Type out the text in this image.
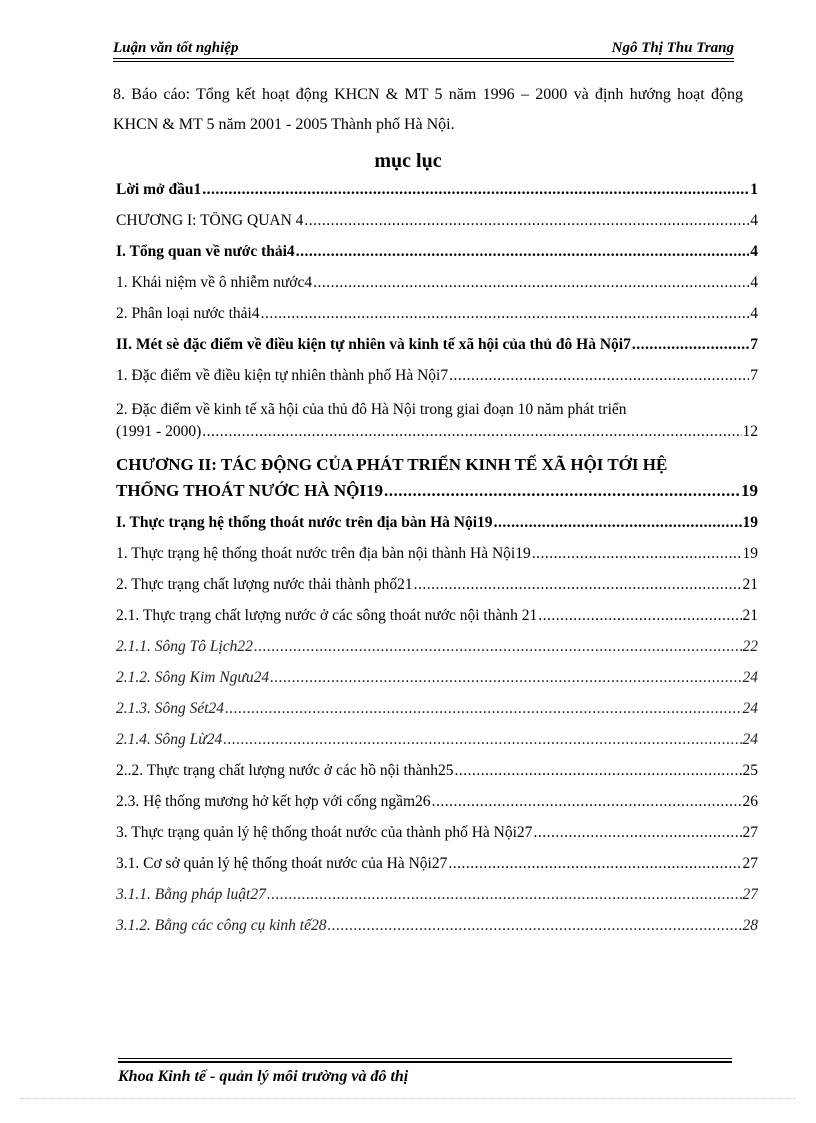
Luận văn tốt nghiệp	Ngô Thị Thu Trang
8. Báo cáo: Tổng kết hoạt động KHCN & MT 5 năm 1996 – 2000 và định hướng hoạt động KHCN & MT 5 năm 2001 - 2005 Thành phố Hà Nội.
mục lục
Lời mở đầu1 .....	1
CHƯƠNG I: TỔNG QUAN 4 .....	4
I. Tổng quan về nước thải4 .....	4
1. Khái niệm về ô nhiễm nước4 .....	4
2. Phân loại nước thải4 .....	4
II. Mét sè đặc điểm về điều kiện tự nhiên và kinh tế xã hội của thủ đô Hà Nội7 .....	7
1. Đặc điểm về điều kiện tự nhiên thành phố Hà Nội7 .....	7
2. Đặc điểm về kinh tế xã hội của thủ đô Hà Nội trong giai đoạn 10 năm phát triển
(1991 - 2000) .....	12
CHƯƠNG II: TÁC ĐỘNG CỦA PHÁT TRIỂN KINH TẾ XÃ HỘI TỚI HỆ
THỐNG THOÁT NƯỚC HÀ NỘI19 .....	19
I. Thực trạng hệ thống thoát nước trên địa bàn Hà Nội19 .....	19
1. Thực trạng hệ thống thoát nước trên địa bàn nội thành Hà Nội19 .....	19
2. Thực trạng chất lượng nước thải thành phố21 .....	21
2.1. Thực trạng chất lượng nước ở các sông thoát nước nội thành 21 .....	21
2.1.1. Sông Tô Lịch22 .....	22
2.1.2. Sông Kim Ngưu24 .....	24
2.1.3. Sông Sét24 .....	24
2.1.4. Sông Lừ24 .....	24
2..2. Thực trạng chất lượng nước ở các hồ nội thành25 .....	25
2.3. Hệ thống mương hở kết hợp với cống ngầm26 .....	26
3. Thực trạng quản lý hệ thống thoát nước của thành phố Hà Nội27 .....	27
3.1. Cơ sở quản lý hệ thống thoát nước của Hà Nội27 .....	27
3.1.1. Bằng pháp luật27 .....	27
3.1.2. Bằng các công cụ kinh tế28 .....	28
Khoa Kinh tế - quản lý môi trường và đô thị
